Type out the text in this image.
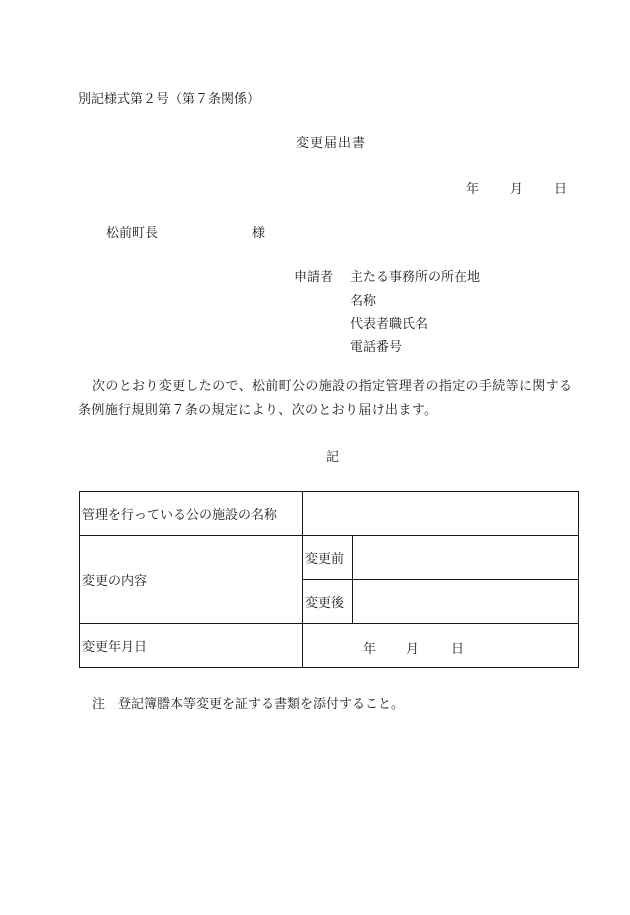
別記様式第２号（第７条関係）
変更届出書
年 月 日
松前町長	様
申請者 主たる事務所の所在地
名称
代表者職氏名
電話番号
次のとおり変更したので、松前町公の施設の指定管理者の指定の手続等に関する条例施行規則第７条の規定により、次のとおり届け出ます。
記
管理を行っている公の施設の名称		
変更の内容	変更前	
	変更後	
変更年月日	年 月 日	
注　登記簿謄本等変更を証する書類を添付すること。
